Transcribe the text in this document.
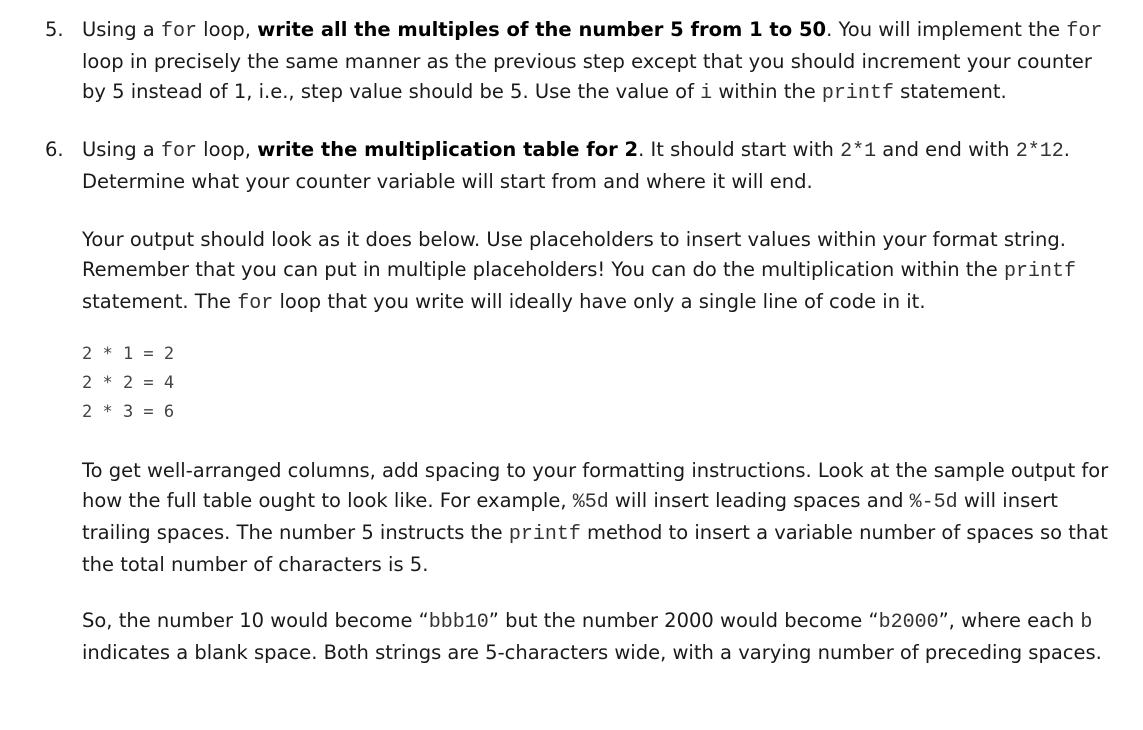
5. Using a for loop, write all the multiples of the number 5 from 1 to 50. You will implement the for loop in precisely the same manner as the previous step except that you should increment your counter by 5 instead of 1, i.e., step value should be 5. Use the value of i within the printf statement.

6. Using a for loop, write the multiplication table for 2. It should start with 2*1 and end with 2*12. Determine what your counter variable will start from and where it will end.

Your output should look as it does below. Use placeholders to insert values within your format string. Remember that you can put in multiple placeholders! You can do the multiplication within the printf statement. The for loop that you write will ideally have only a single line of code in it.

2 * 1 = 2
2 * 2 = 4
2 * 3 = 6

To get well-arranged columns, add spacing to your formatting instructions. Look at the sample output for how the full table ought to look like. For example, %5d will insert leading spaces and %-5d will insert trailing spaces. The number 5 instructs the printf method to insert a variable number of spaces so that the total number of characters is 5.

So, the number 10 would become “bbb10” but the number 2000 would become “b2000”, where each b indicates a blank space. Both strings are 5-characters wide, with a varying number of preceding spaces.
